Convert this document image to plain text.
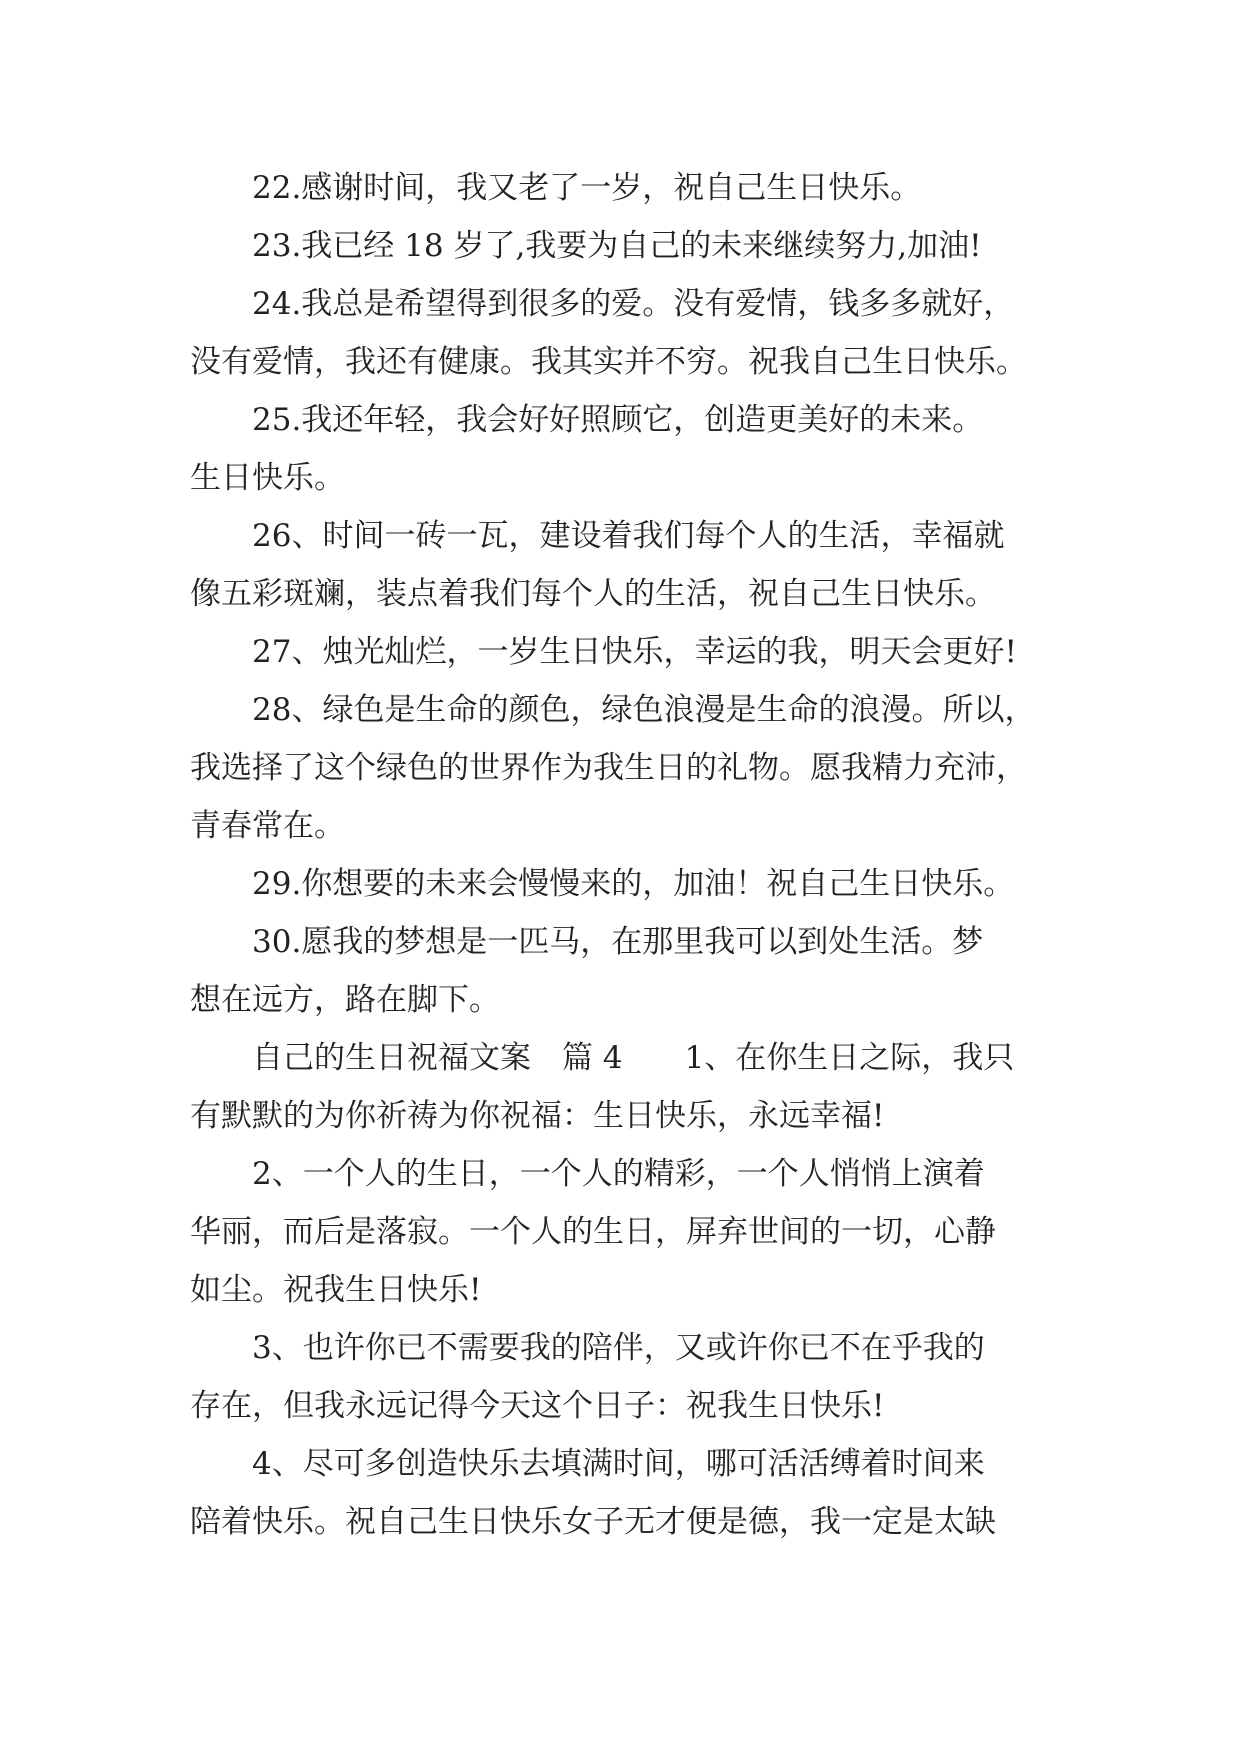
22.感谢时间，我又老了一岁，祝自己生日快乐。
23.我已经 18 岁了,我要为自己的未来继续努力,加油!
24.我总是希望得到很多的爱。没有爱情，钱多多就好，
没有爱情，我还有健康。我其实并不穷。祝我自己生日快乐。
25.我还年轻，我会好好照顾它，创造更美好的未来。
生日快乐。
26、时间一砖一瓦，建设着我们每个人的生活，幸福就
像五彩斑斓，装点着我们每个人的生活，祝自己生日快乐。
27、烛光灿烂，一岁生日快乐，幸运的我，明天会更好!
28、绿色是生命的颜色，绿色浪漫是生命的浪漫。所以，
我选择了这个绿色的世界作为我生日的礼物。愿我精力充沛，
青春常在。
29.你想要的未来会慢慢来的，加油！祝自己生日快乐。
30.愿我的梦想是一匹马，在那里我可以到处生活。梦
想在远方，路在脚下。
自己的生日祝福文案　篇 4　　1、在你生日之际，我只
有默默的为你祈祷为你祝福：生日快乐，永远幸福!
2、一个人的生日，一个人的精彩，一个人悄悄上演着
华丽，而后是落寂。一个人的生日，屏弃世间的一切，心静
如尘。祝我生日快乐!
3、也许你已不需要我的陪伴，又或许你已不在乎我的
存在，但我永远记得今天这个日子：祝我生日快乐!
4、尽可多创造快乐去填满时间，哪可活活缚着时间来
陪着快乐。祝自己生日快乐女子无才便是德，我一定是太缺
